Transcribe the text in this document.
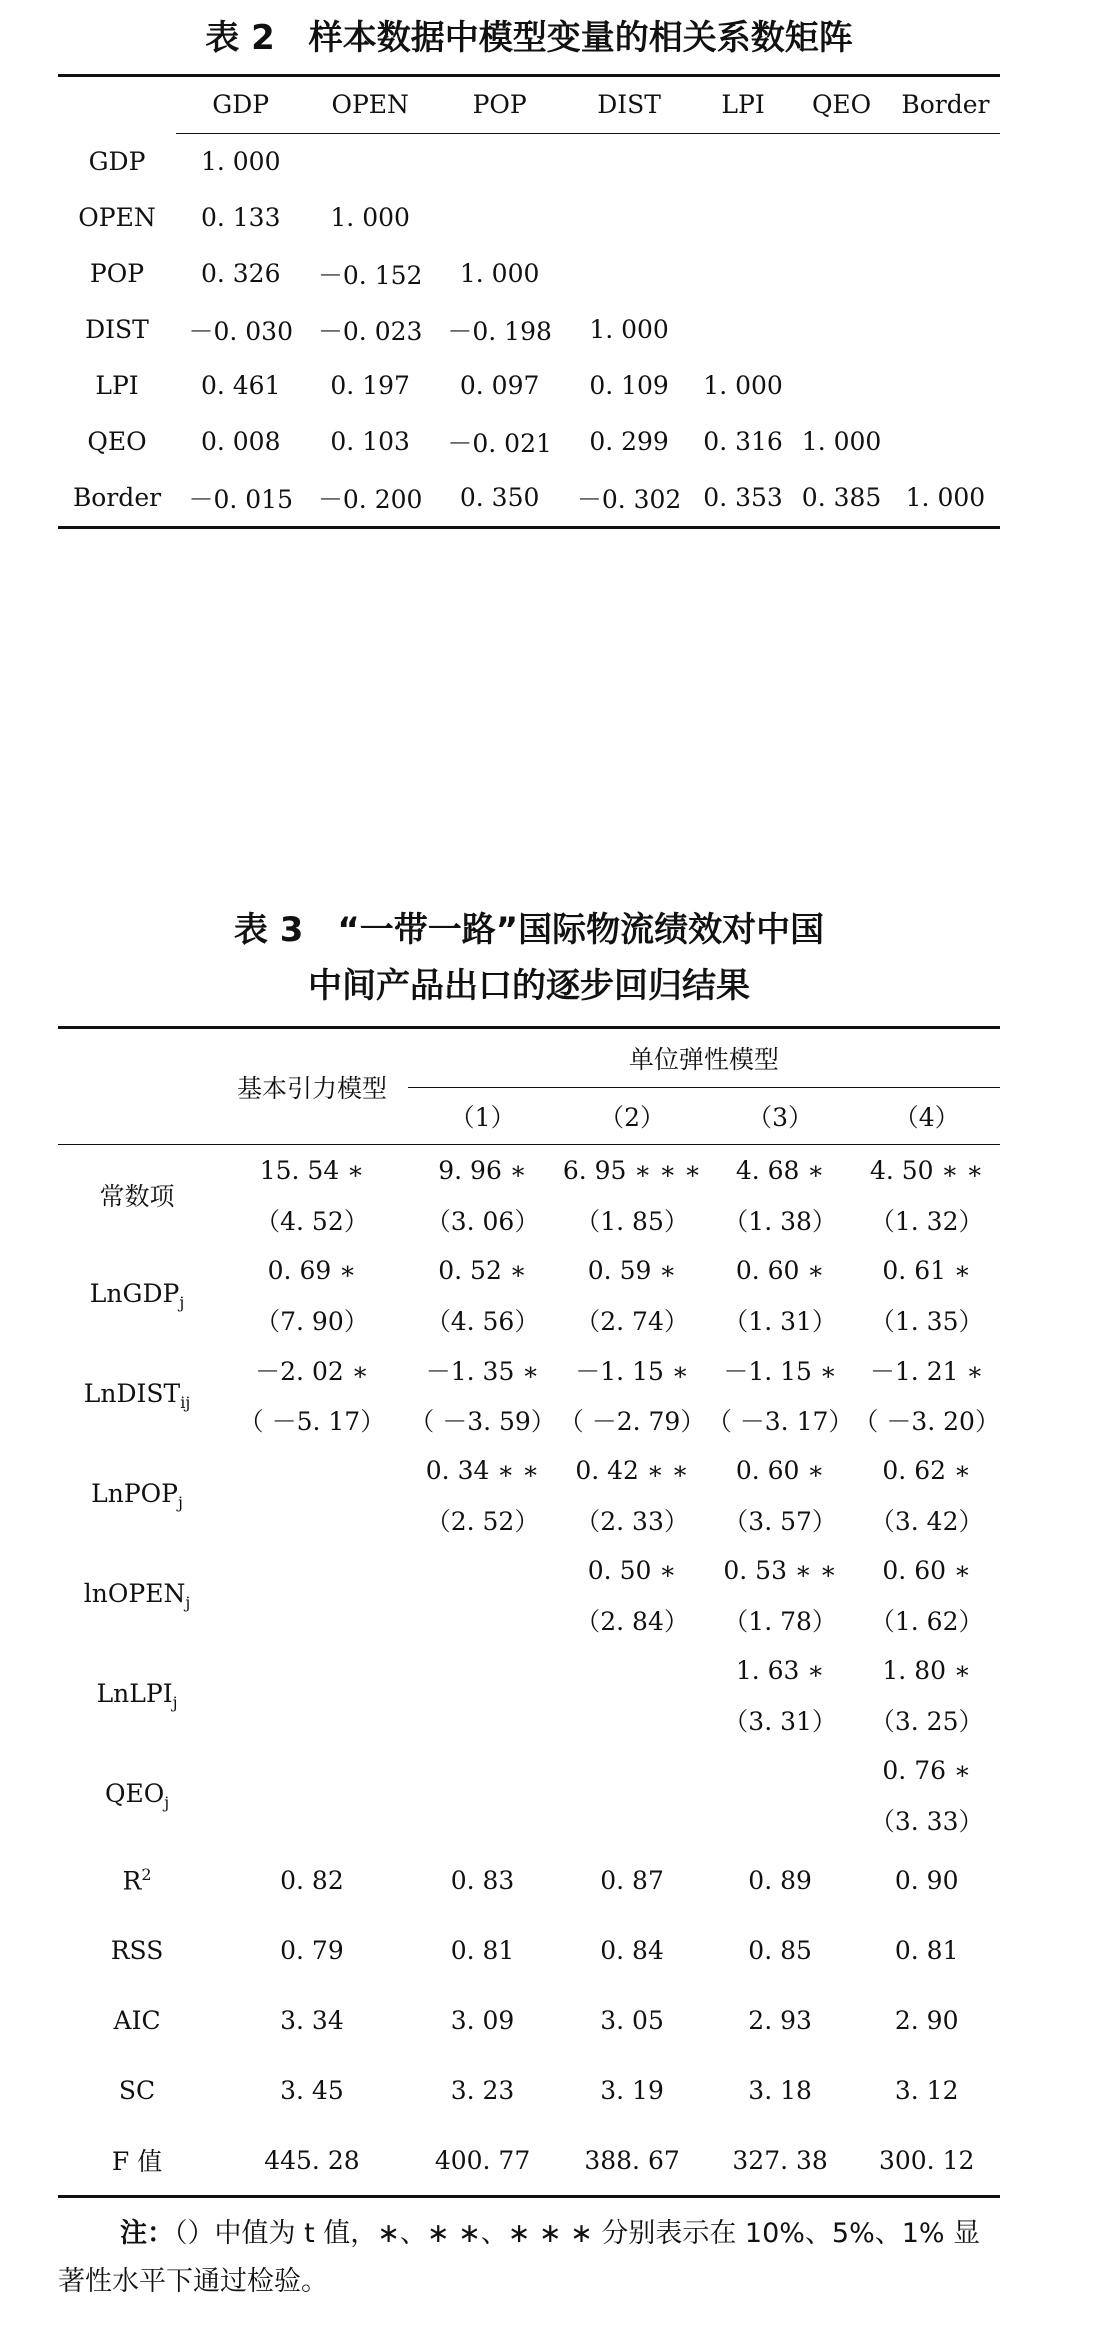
表 2　样本数据中模型变量的相关系数矩阵

	GDP	OPEN	POP	DIST	LPI	QEO	Border
GDP	1. 000						
OPEN	0. 133	1. 000					
POP	0. 326	－0. 152	1. 000				
DIST	－0. 030	－0. 023	－0. 198	1. 000			
LPI	0. 461	0. 197	0. 097	0. 109	1. 000		
QEO	0. 008	0. 103	－0. 021	0. 299	0. 316	1. 000	
Border	－0. 015	－0. 200	0. 350	－0. 302	0. 353	0. 385	1. 000

表 3　“一带一路”国际物流绩效对中国

中间产品出口的逐步回归结果

	基本引力模型	单位弹性模型			
		（1）	（2）	（3）	（4）
常数项	15. 54 ∗	9. 96 ∗	6. 95 ∗ ∗ ∗	4. 68 ∗	4. 50 ∗ ∗
	（4. 52）	（3. 06）	（1. 85）	（1. 38）	（1. 32）
LnGDP$_j$	0. 69 ∗	0. 52 ∗	0. 59 ∗	0. 60 ∗	0. 61 ∗
	（7. 90）	（4. 56）	（2. 74）	（1. 31）	（1. 35）
LnDIST$_{ij}$	－2. 02 ∗	－1. 35 ∗	－1. 15 ∗	－1. 15 ∗	－1. 21 ∗
	（ －5. 17）	（ －3. 59）	（ －2. 79）	（ －3. 17）	（ －3. 20）
LnPOP$_j$		0. 34 ∗ ∗	0. 42 ∗ ∗	0. 60 ∗	0. 62 ∗
		（2. 52）	（2. 33）	（3. 57）	（3. 42）
lnOPEN$_j$			0. 50 ∗	0. 53 ∗ ∗	0. 60 ∗
			（2. 84）	（1. 78）	（1. 62）
LnLPI$_j$				1. 63 ∗	1. 80 ∗
				（3. 31）	（3. 25）
$QEO_j$					0. 76 ∗
					（3. 33）
$R^2$	0. 82	0. 83	0. 87	0. 89	0. 90
RSS	0. 79	0. 81	0. 84	0. 85	0. 81
AIC	3. 34	3. 09	3. 05	2. 93	2. 90
SC	3. 45	3. 23	3. 19	3. 18	3. 12
F 值	445. 28	400. 77	388. 67	327. 38	300. 12

注：（）中值为 t 值，∗、∗ ∗、∗ ∗ ∗ 分别表示在 10%、5%、1% 显著性水平下通过检验。
